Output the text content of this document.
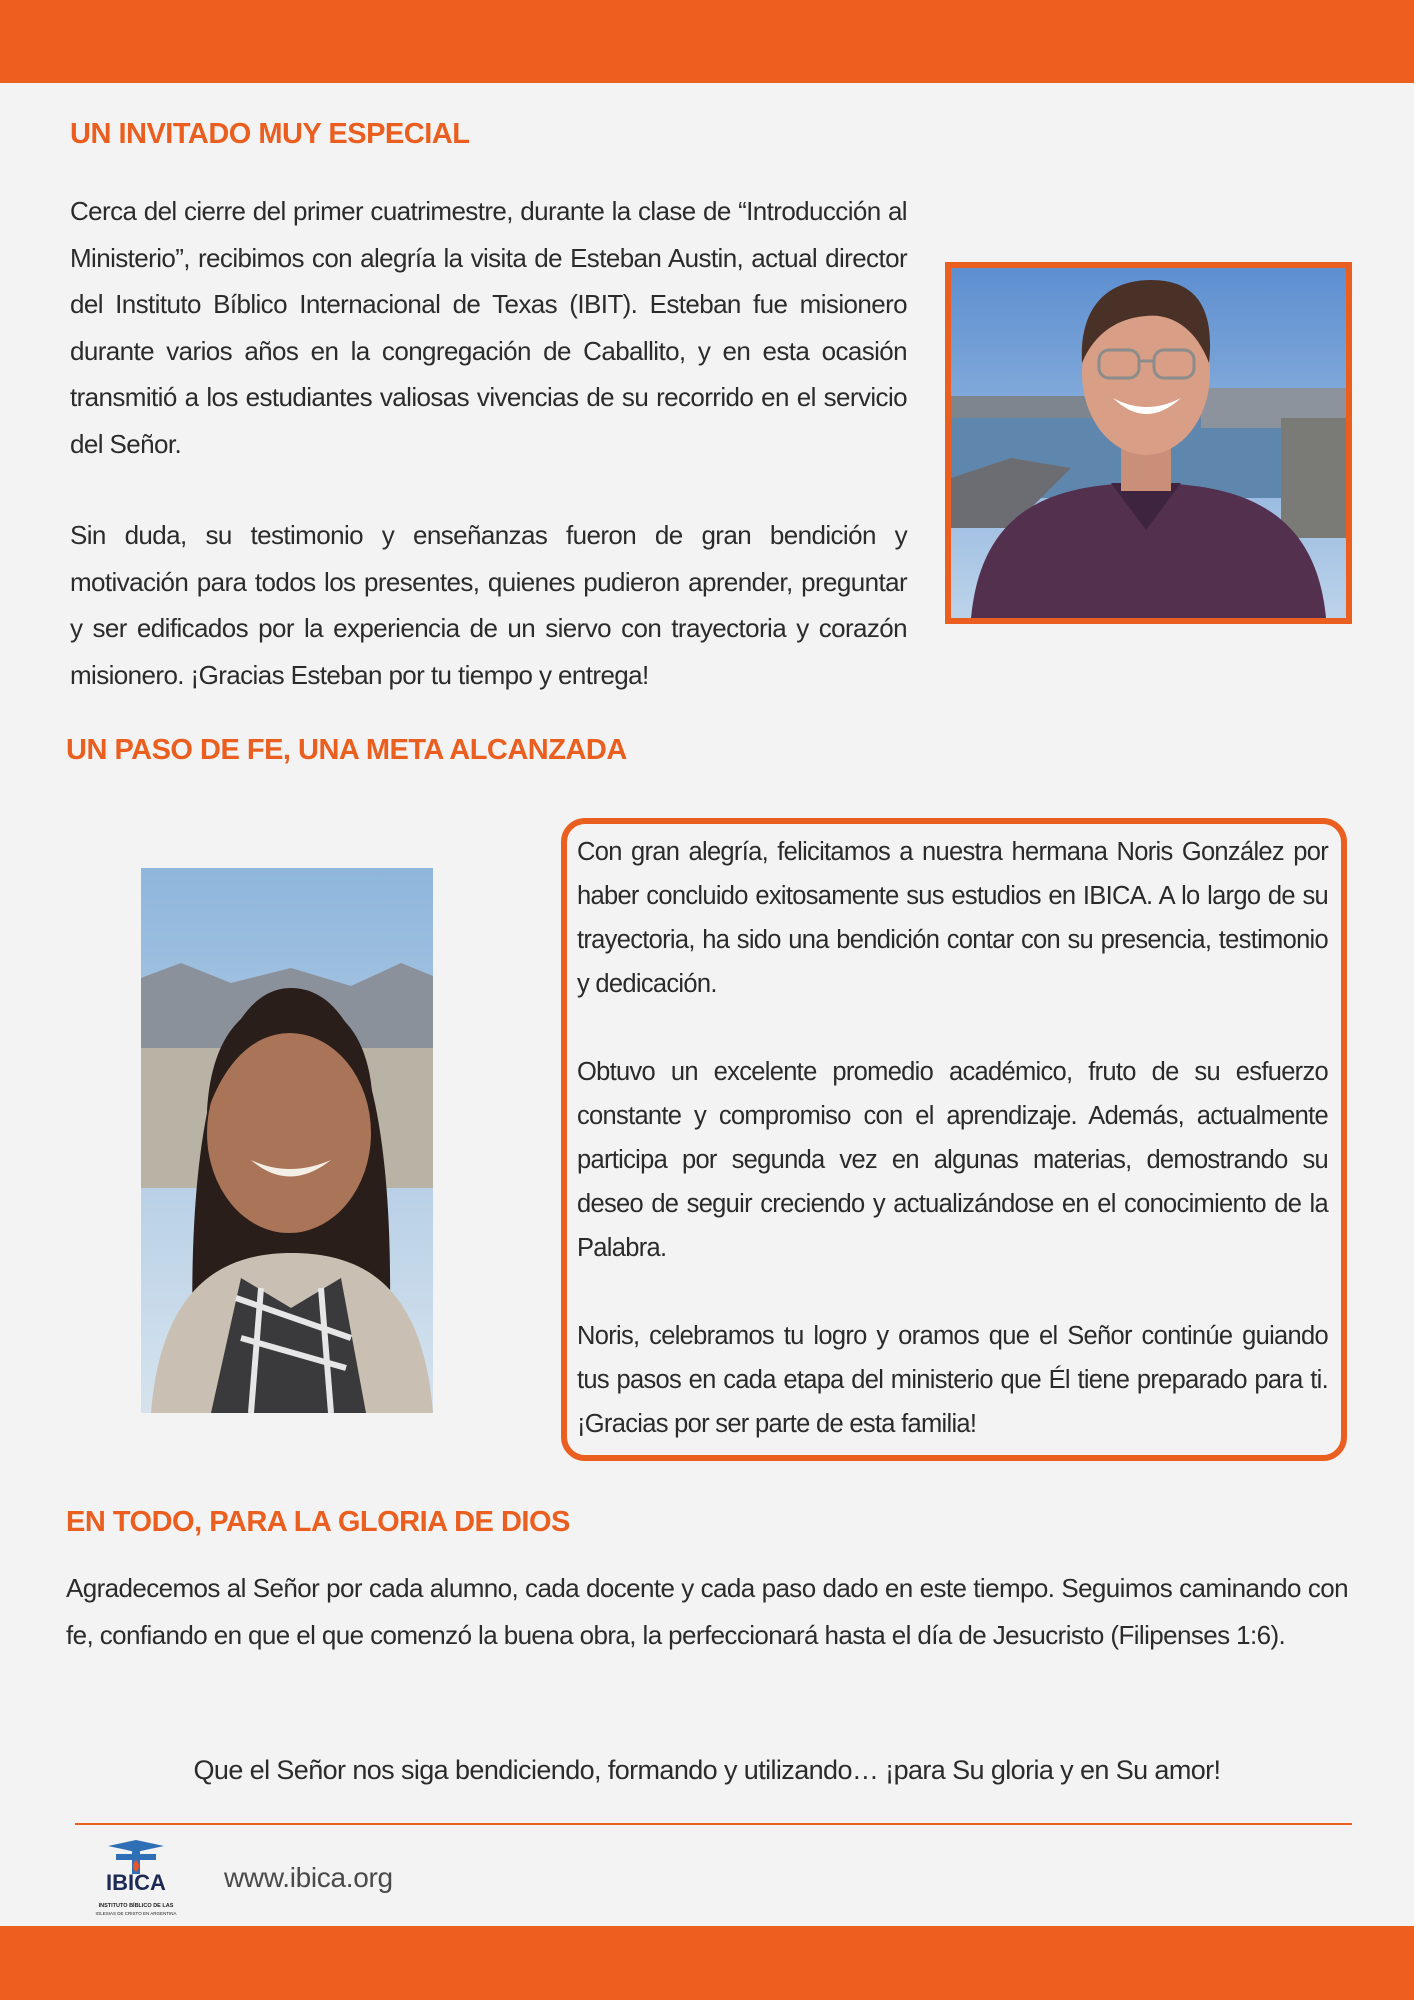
UN INVITADO MUY ESPECIAL

Cerca del cierre del primer cuatrimestre, durante la clase de “Introducción al Ministerio”, recibimos con alegría la visita de Esteban Austin, actual director del Instituto Bíblico Internacional de Texas (IBIT). Esteban fue misionero durante varios años en la congregación de Caballito, y en esta ocasión transmitió a los estudiantes valiosas vivencias de su recorrido en el servicio del Señor.

Sin duda, su testimonio y enseñanzas fueron de gran bendición y motivación para todos los presentes, quienes pudieron aprender, preguntar y ser edificados por la experiencia de un siervo con trayectoria y corazón misionero. ¡Gracias Esteban por tu tiempo y entrega!

UN PASO DE FE, UNA META ALCANZADA

Con gran alegría, felicitamos a nuestra hermana Noris González por haber concluido exitosamente sus estudios en IBICA. A lo largo de su trayectoria, ha sido una bendición contar con su presencia, testimonio y dedicación.

Obtuvo un excelente promedio académico, fruto de su esfuerzo constante y compromiso con el aprendizaje. Además, actualmente participa por segunda vez en algunas materias, demostrando su deseo de seguir creciendo y actualizándose en el conocimiento de la Palabra.

Noris, celebramos tu logro y oramos que el Señor continúe guiando tus pasos en cada etapa del ministerio que Él tiene preparado para ti. ¡Gracias por ser parte de esta familia!

EN TODO, PARA LA GLORIA DE DIOS

Agradecemos al Señor por cada alumno, cada docente y cada paso dado en este tiempo. Seguimos caminando con fe, confiando en que el que comenzó la buena obra, la perfeccionará hasta el día de Jesucristo (Filipenses 1:6).

Que el Señor nos siga bendiciendo, formando y utilizando… ¡para Su gloria y en Su amor!

IBICA
INSTITUTO BÍBLICO DE LAS
IGLESIAS DE CRISTO EN ARGENTINA

www.ibica.org
